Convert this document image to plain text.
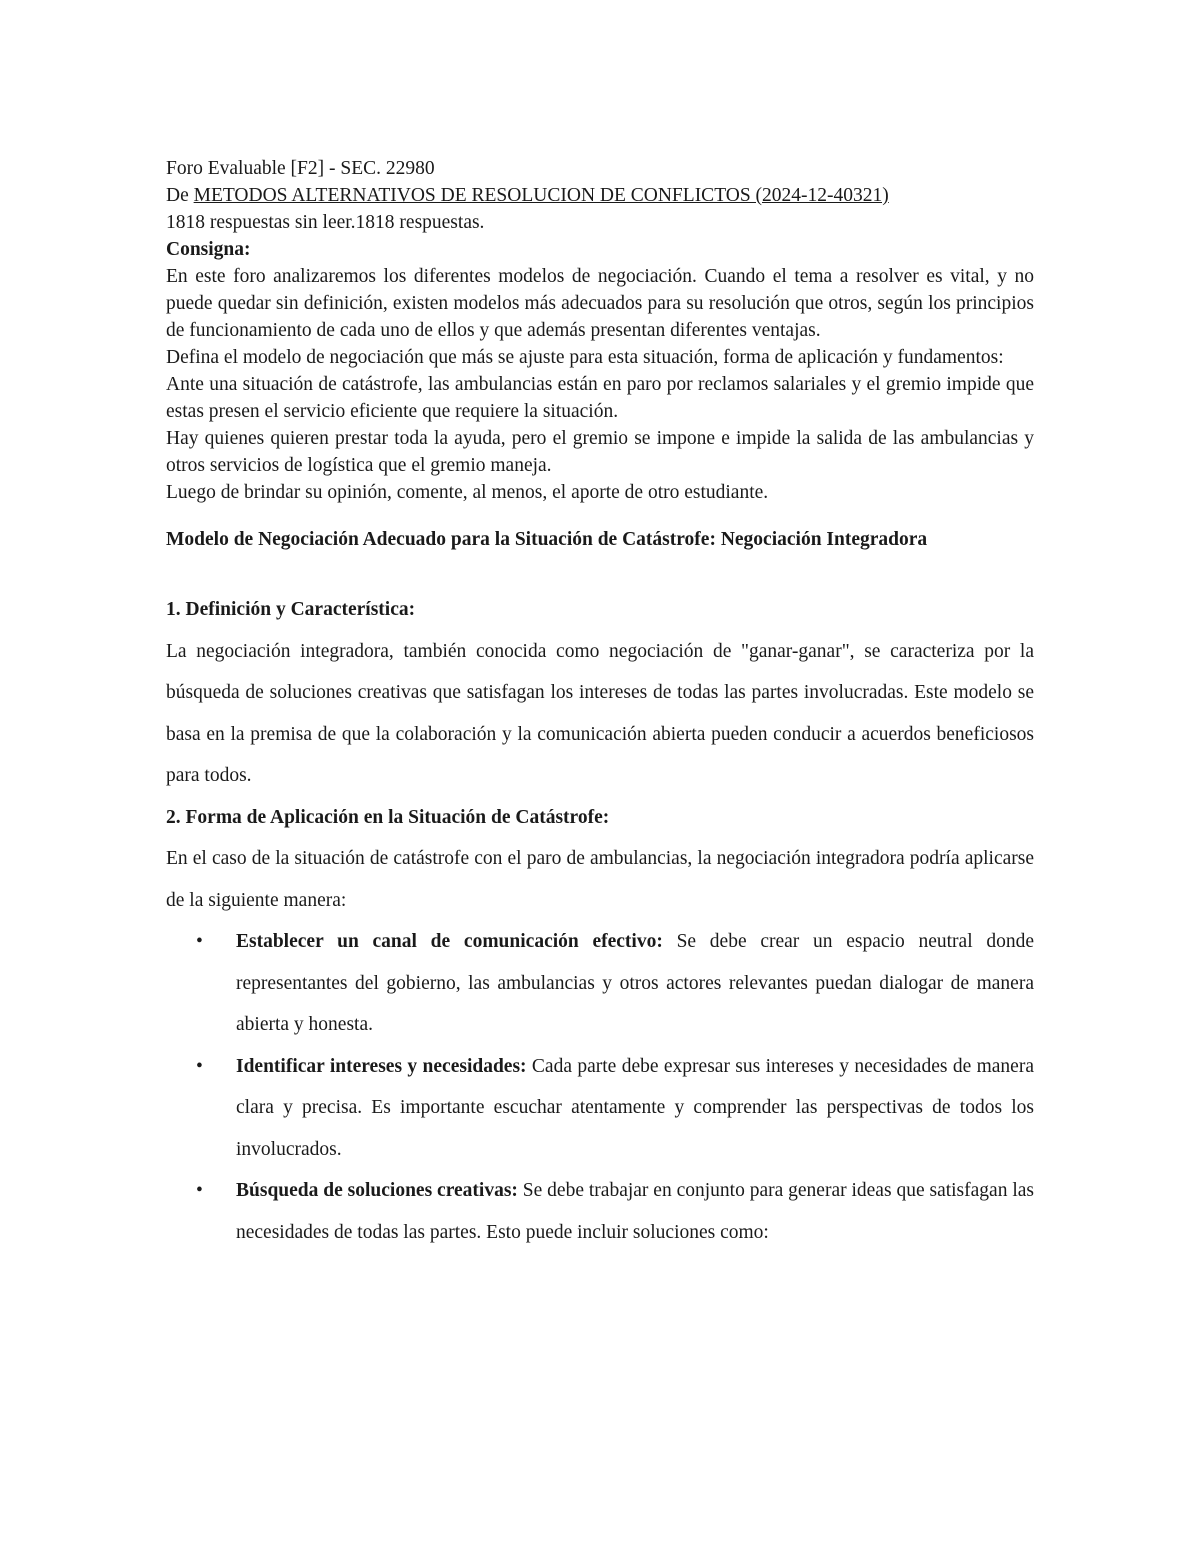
Foro Evaluable [F2] - SEC. 22980

De METODOS ALTERNATIVOS DE RESOLUCION DE CONFLICTOS (2024-12-40321)

1818 respuestas sin leer.1818 respuestas.

Consigna:

En este foro analizaremos los diferentes modelos de negociación. Cuando el tema a resolver es vital, y no puede quedar sin definición, existen modelos más adecuados para su resolución que otros, según los principios de funcionamiento de cada uno de ellos y que además presentan diferentes ventajas.

Defina el modelo de negociación que más se ajuste para esta situación, forma de aplicación y fundamentos:

Ante una situación de catástrofe, las ambulancias están en paro por reclamos salariales y el gremio impide que estas presen el servicio eficiente que requiere la situación.

Hay quienes quieren prestar toda la ayuda, pero el gremio se impone e impide la salida de las ambulancias y otros servicios de logística que el gremio maneja.

Luego de brindar su opinión, comente, al menos, el aporte de otro estudiante.

Modelo de Negociación Adecuado para la Situación de Catástrofe: Negociación Integradora
1. Definición y Característica:

La negociación integradora, también conocida como negociación de "ganar-ganar", se caracteriza por la búsqueda de soluciones creativas que satisfagan los intereses de todas las partes involucradas. Este modelo se basa en la premisa de que la colaboración y la comunicación abierta pueden conducir a acuerdos beneficiosos para todos.

2. Forma de Aplicación en la Situación de Catástrofe:

En el caso de la situación de catástrofe con el paro de ambulancias, la negociación integradora podría aplicarse de la siguiente manera:

• Establecer un canal de comunicación efectivo: Se debe crear un espacio neutral donde representantes del gobierno, las ambulancias y otros actores relevantes puedan dialogar de manera abierta y honesta.
• Identificar intereses y necesidades: Cada parte debe expresar sus intereses y necesidades de manera clara y precisa. Es importante escuchar atentamente y comprender las perspectivas de todos los involucrados.
• Búsqueda de soluciones creativas: Se debe trabajar en conjunto para generar ideas que satisfagan las necesidades de todas las partes. Esto puede incluir soluciones como:
